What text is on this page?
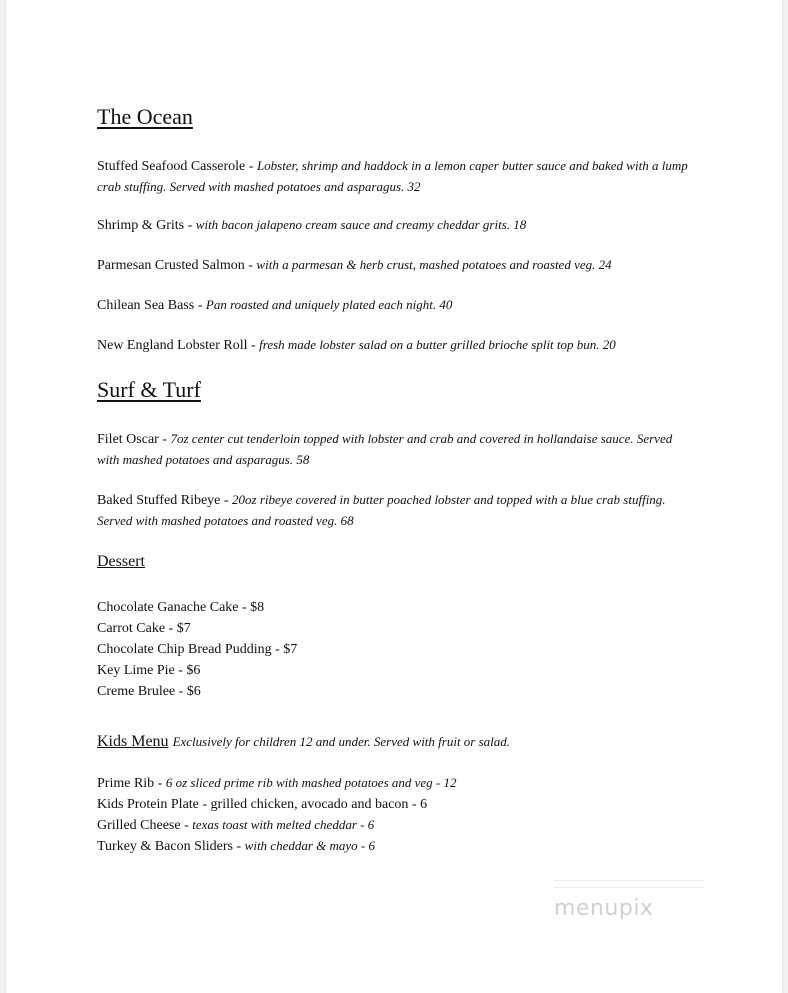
The Ocean
Stuffed Seafood Casserole - Lobster, shrimp and haddock in a lemon caper butter sauce and baked with a lump crab stuffing. Served with mashed potatoes and asparagus. 32
Shrimp & Grits - with bacon jalapeno cream sauce and creamy cheddar grits. 18
Parmesan Crusted Salmon - with a parmesan & herb crust, mashed potatoes and roasted veg. 24
Chilean Sea Bass - Pan roasted and uniquely plated each night. 40
New England Lobster Roll - fresh made lobster salad on a butter grilled brioche split top bun. 20
Surf & Turf
Filet Oscar - 7oz center cut tenderloin topped with lobster and crab and covered in hollandaise sauce. Served with mashed potatoes and asparagus. 58
Baked Stuffed Ribeye - 20oz ribeye covered in butter poached lobster and topped with a blue crab stuffing. Served with mashed potatoes and roasted veg. 68
Dessert
Chocolate Ganache Cake - $8
Carrot Cake - $7
Chocolate Chip Bread Pudding - $7
Key Lime Pie - $6
Creme Brulee - $6
Kids Menu Exclusively for children 12 and under. Served with fruit or salad.
Prime Rib - 6 oz sliced prime rib with mashed potatoes and veg - 12
Kids Protein Plate - grilled chicken, avocado and bacon - 6
Grilled Cheese - texas toast with melted cheddar - 6
Turkey & Bacon Sliders - with cheddar & mayo - 6
menupix
